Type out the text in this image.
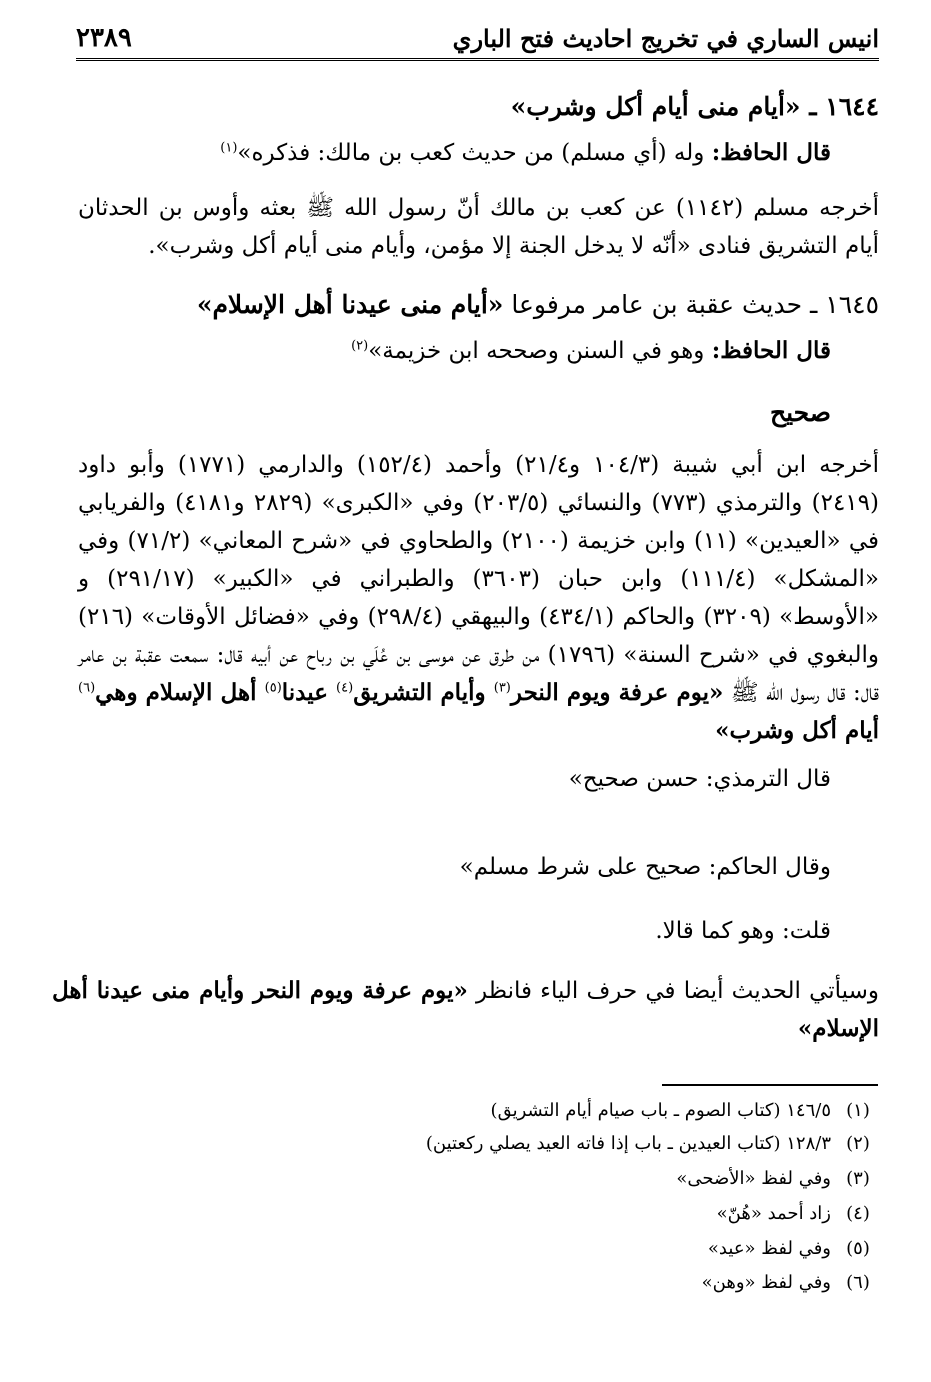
٢٣٨٩	انيس الساري في تخريج احاديث فتح الباري
١٦٤٤ ـ «أيام منى أيام أكل وشرب»
قال الحافظ: وله (أي مسلم) من حديث كعب بن مالك: فذكره»$^{(١)}$
أخرجه مسلم (١١٤٢) عن كعب بن مالك أنّ رسول الله ﷺ بعثه وأوس بن الحدثان أيام التشريق فنادى «أنّه لا يدخل الجنة إلا مؤمن، وأيام منى أيام أكل وشرب».
١٦٤٥ ـ حديث عقبة بن عامر مرفوعا «أيام منى عيدنا أهل الإسلام»
قال الحافظ: وهو في السنن وصححه ابن خزيمة»$^{(٢)}$
صحيح
أخرجه ابن أبي شيبة (١٠٤/٣ و٢١/٤) وأحمد (١٥٢/٤) والدارمي (١٧٧١) وأبو داود (٢٤١٩) والترمذي (٧٧٣) والنسائي (٢٠٣/٥) وفي «الكبرى» (٢٨٢٩ و٤١٨١) والفريابي في «العيدين» (١١) وابن خزيمة (٢١٠٠) والطحاوي في «شرح المعاني» (٧١/٢) وفي «المشكل» (١١١/٤) وابن حبان (٣٦٠٣) والطبراني في «الكبير» (٢٩١/١٧) و «الأوسط» (٣٢٠٩) والحاكم (٤٣٤/١) والبيهقي (٢٩٨/٤) وفي «فضائل الأوقات» (٢١٦) والبغوي في «شرح السنة» (١٧٩٦) من طرق عن موسى بن عُلَي بن رباح عن أبيه قال: سمعت عقبة بن عامر قال: قال رسول الله ﷺ «يوم عرفة ويوم النحر$^{(٣)}$ وأيام التشريق$^{(٤)}$ عيدنا$^{(٥)}$ أهل الإسلام وهي$^{(٦)}$ أيام أكل وشرب»
قال الترمذي: حسن صحيح»
وقال الحاكم: صحيح على شرط مسلم»
قلت: وهو كما قالا.
وسيأتي الحديث أيضا في حرف الياء فانظر «يوم عرفة ويوم النحر وأيام منى عيدنا أهل الإسلام»
(١)
١٤٦/٥ (كتاب الصوم ـ باب صيام أيام التشريق)
(٢)
١٢٨/٣ (كتاب العيدين ـ باب إذا فاته العيد يصلي ركعتين)
(٣)
وفي لفظ «الأضحى»
(٤)
زاد أحمد «هُنّ»
(٥)
وفي لفظ «عيد»
(٦)
وفي لفظ «وهن»
